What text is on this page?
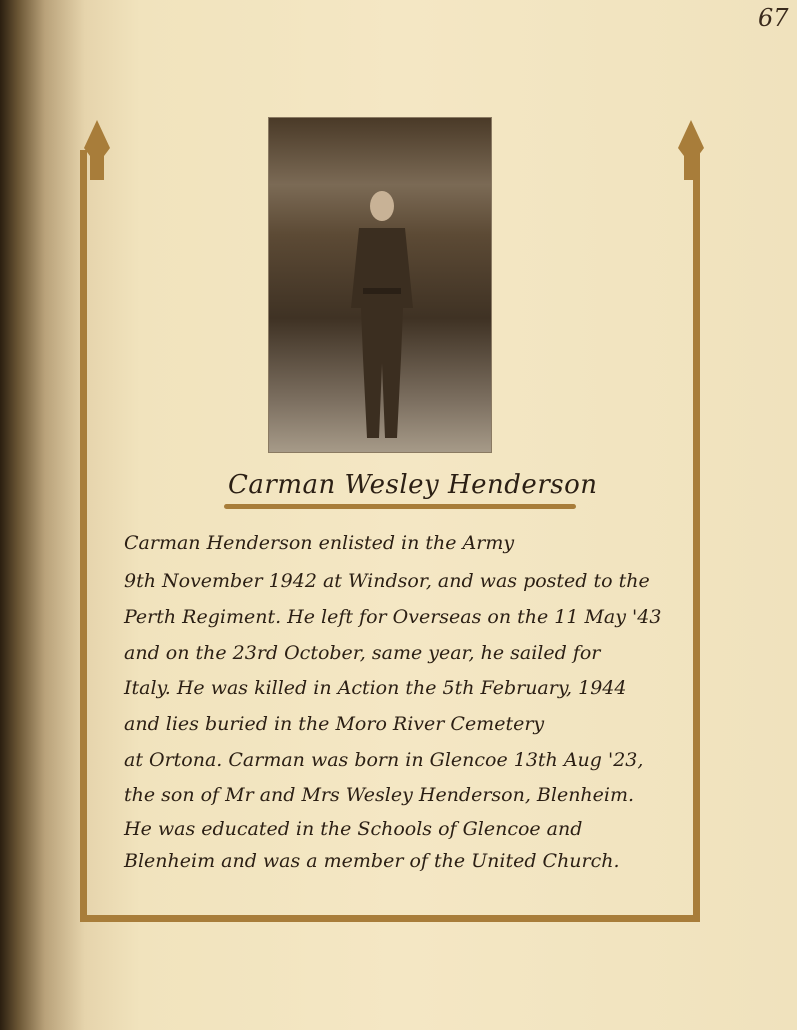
67
Carman Wesley Henderson
Carman Henderson enlisted in the Army
9th November 1942 at Windsor, and was posted to the
Perth Regiment. He left for Overseas on the 11 May '43
and on the 23rd October, same year, he sailed for
Italy. He was killed in Action the 5th February, 1944
and lies buried in the Moro River Cemetery
at Ortona. Carman was born in Glencoe 13th Aug '23,
the son of Mr and Mrs Wesley Henderson, Blenheim.
He was educated in the Schools of Glencoe and
Blenheim and was a member of the United Church.
